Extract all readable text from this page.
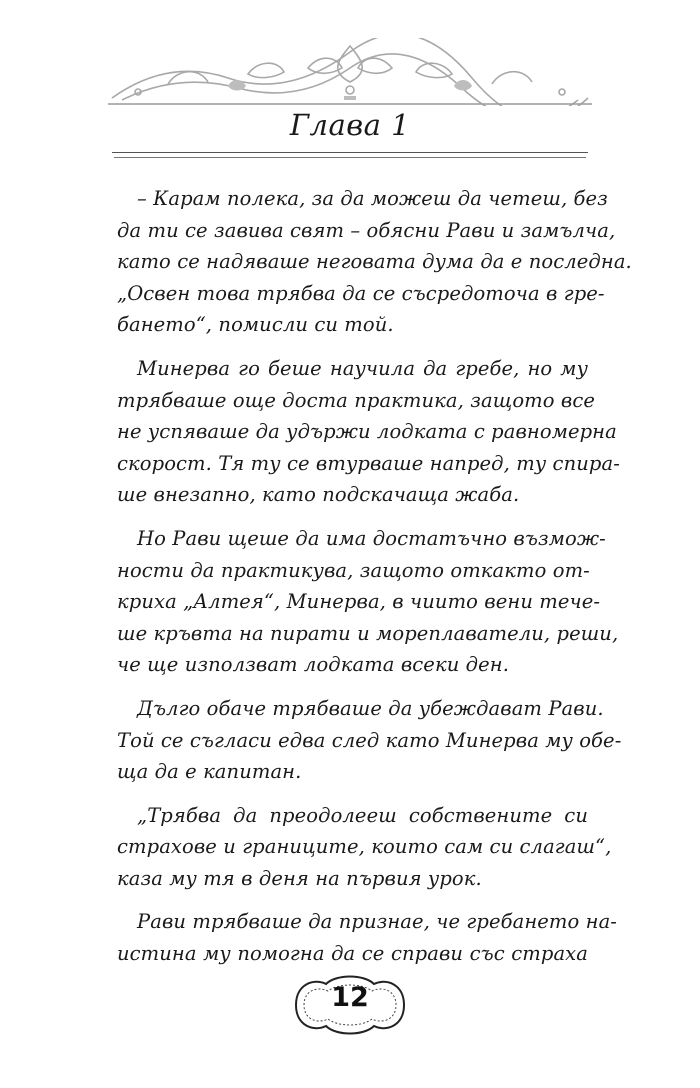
Глава 1
– Карам полека, за да можеш да четеш, без
да ти се завива свят – обясни Рави и замълча,
като се надяваше неговата дума да е последна.
„Освен това трябва да се съсредоточа в гре-
бането“, помисли си той.
Минерва го беше научила да гребе, но му
трябваше още доста практика, защото все
не успяваше да удържи лодката с равномерна
скорост. Тя ту се втурваше напред, ту спира-
ше внезапно, като подскачаща жаба.
Но Рави щеше да има достатъчно възмож-
ности да практикува, защото откакто от-
криха „Алтея“, Минерва, в чиито вени тече-
ше кръвта на пирати и мореплаватели, реши,
че ще използват лодката всеки ден.
Дълго обаче трябваше да убеждават Рави.
Той се съгласи едва след като Минерва му обе-
ща да е капитан.
„Трябва да преодолееш собствените си
страхове и границите, които сам си слагаш“,
каза му тя в деня на първия урок.
Рави трябваше да признае, че гребането на-
истина му помогна да се справи със страха
12
